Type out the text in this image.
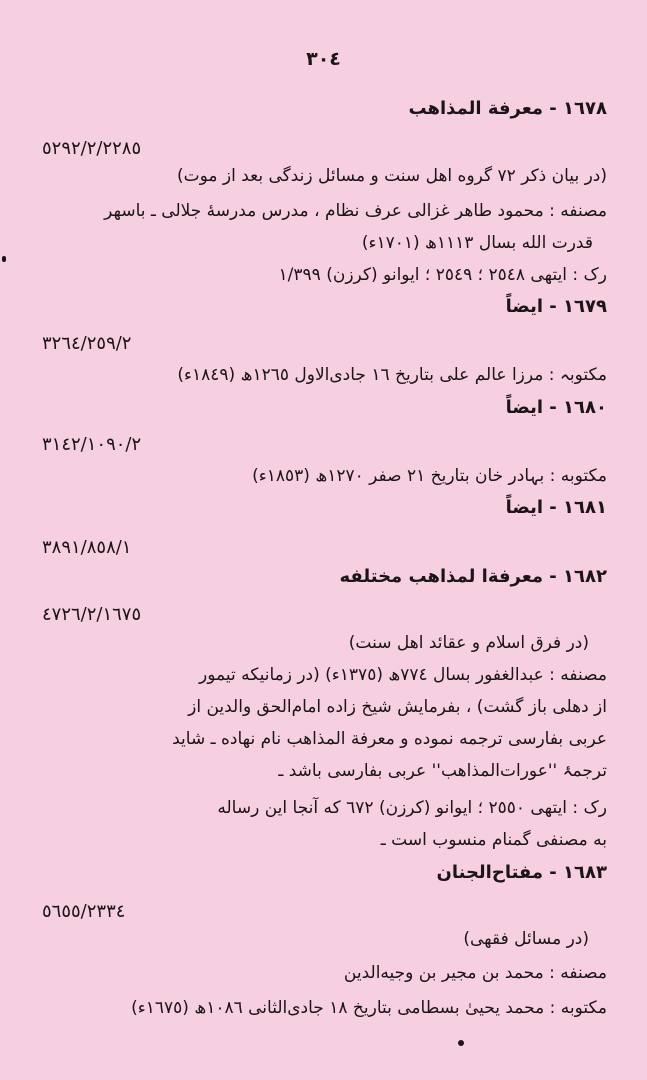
٣٠٤
١٦٧٨ - معرفة المذاهب
٥٢٩٢/٢/٢٢٨٥
(در بیان ذکر ٧٢ گروه اهل سنت و مسائل زندگی بعد از موت)
مصنفه : محمود طاهر غزالی عرف نظام ، مدرس مدرسهٔ جلالی ـ باسهر
قدرت الله بسال ١١١٣ھ (١٧٠١ء)
رک : ایتھی ٢٥٤٨ ؛ ٢٥٤٩ ؛ ایوانو (کرزن) ١/٣٩٩
١٦٧٩ - ایضاً
٣٢٦٤/٢٥٩/٢
مکتوبہ : مرزا عالم علی بتاریخ ١٦ جادی‌الاول ١٢٦٥ھ (١٨٤٩ء)
١٦٨٠ - ایضاً
٣١٤٢/١٠٩٠/٢
مکتوبه : بہادر خان بتاریخ ٢١ صفر ١٢٧٠ھ (١٨٥٣ء)
١٦٨١ - ایضاً
٣٨٩١/٨٥٨/١
١٦٨٢ - معرفةا لمذاهب مختلفه
٤٧٢٦/٢/١٦٧٥
(در فرق اسلام و عقائد اهل سنت)
مصنفه : عبدالغفور بسال ٧٧٤ھ (١٣٧٥ء) (در زمانیکه تیمور
از دهلی باز گشت) ، بفرمایش شیخ زاده امام‌الحق والدین از
عربی بفارسی ترجمه نموده و معرفة المذاهب نام نهاده ـ شاید
ترجمۂ ''عورات‌المذاهب'' عربی بفارسی باشد ـ
رک : ایتھی ٢٥٥٠ ؛ ایوانو (کرزن) ٦٧٢ که آنجا این رساله
به مصنفی گمنام منسوب است ـ
١٦٨٣ - مفتاح‌الجنان
٥٦٥٥/٢٣٣٤
(در مسائل فقهی)
مصنفه : محمد بن مجیر بن وجیه‌الدین
مکتوبه : محمد یحییٰ بسطامی بتاریخ ١٨ جادی‌الثانی ١٠٨٦ھ (١٦٧٥ء)
